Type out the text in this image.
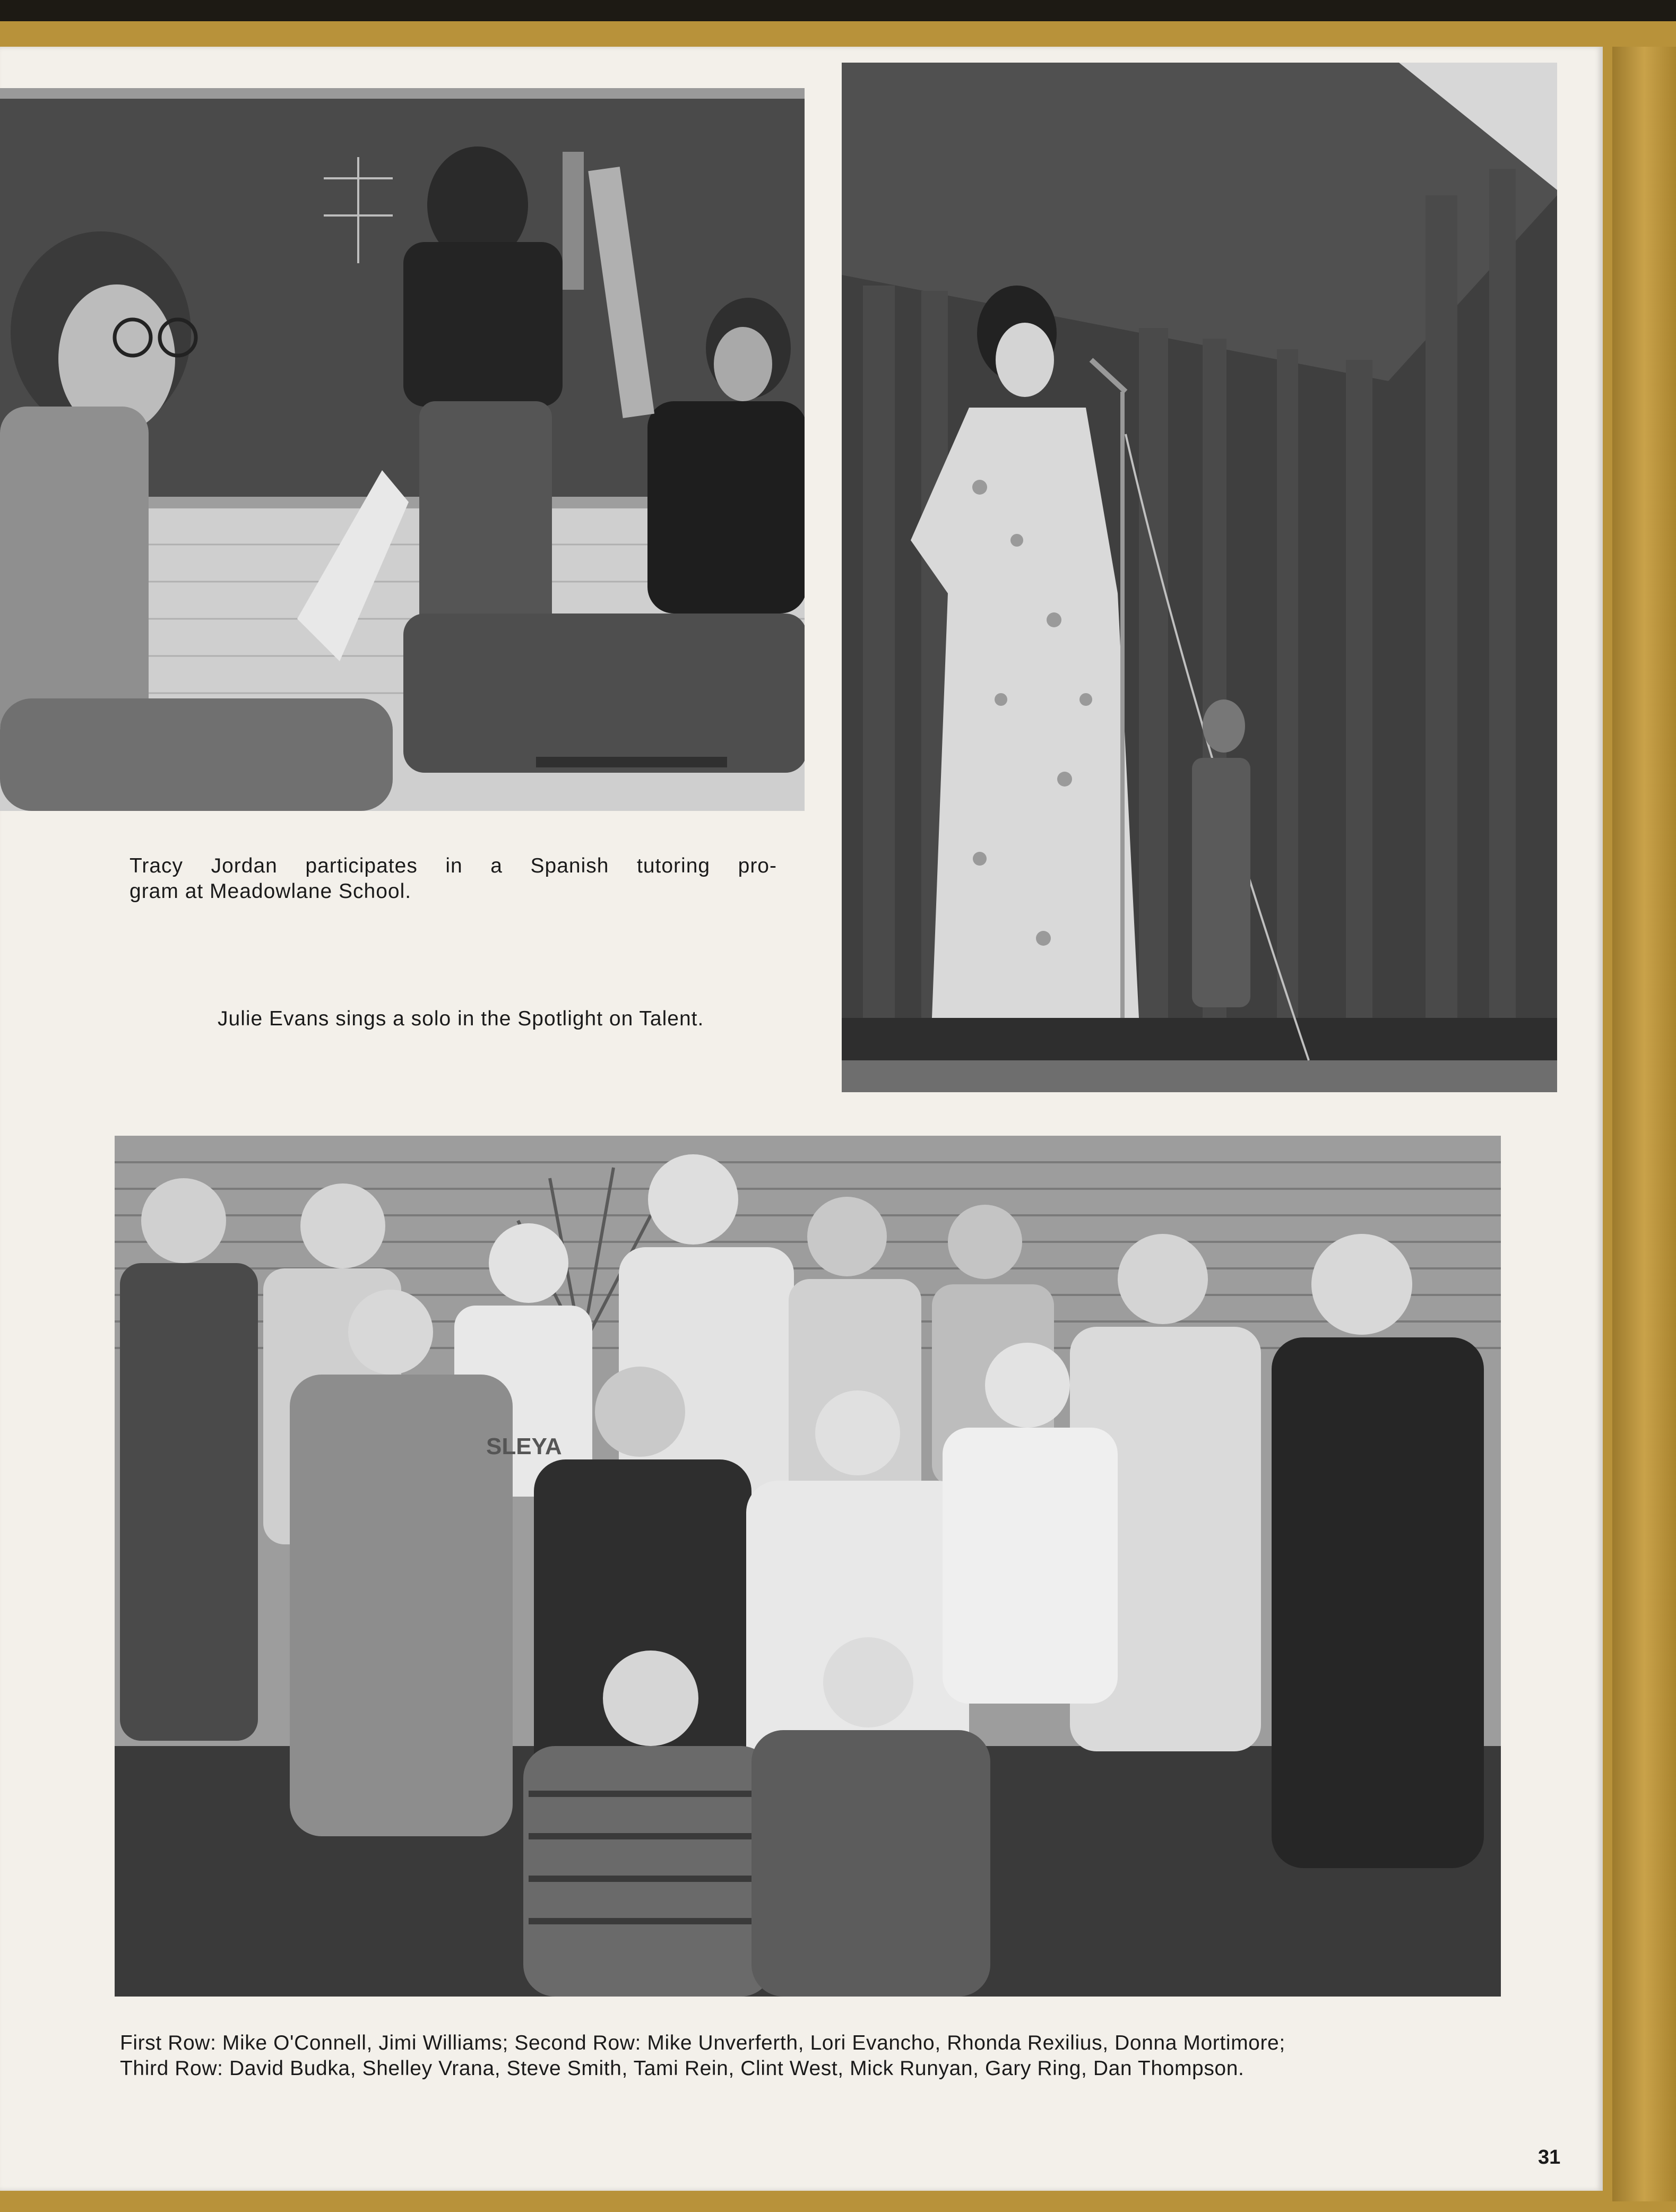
Tracy Jordan participates in a Spanish tutoring pro-
gram at Meadowlane School.
Julie Evans sings a solo in the Spotlight on Talent.
SLEYA
First Row: Mike O'Connell, Jimi Williams; Second Row: Mike Unverferth, Lori Evancho, Rhonda Rexilius, Donna Mortimore;
Third Row: David Budka, Shelley Vrana, Steve Smith, Tami Rein, Clint West, Mick Runyan, Gary Ring, Dan Thompson.
31
